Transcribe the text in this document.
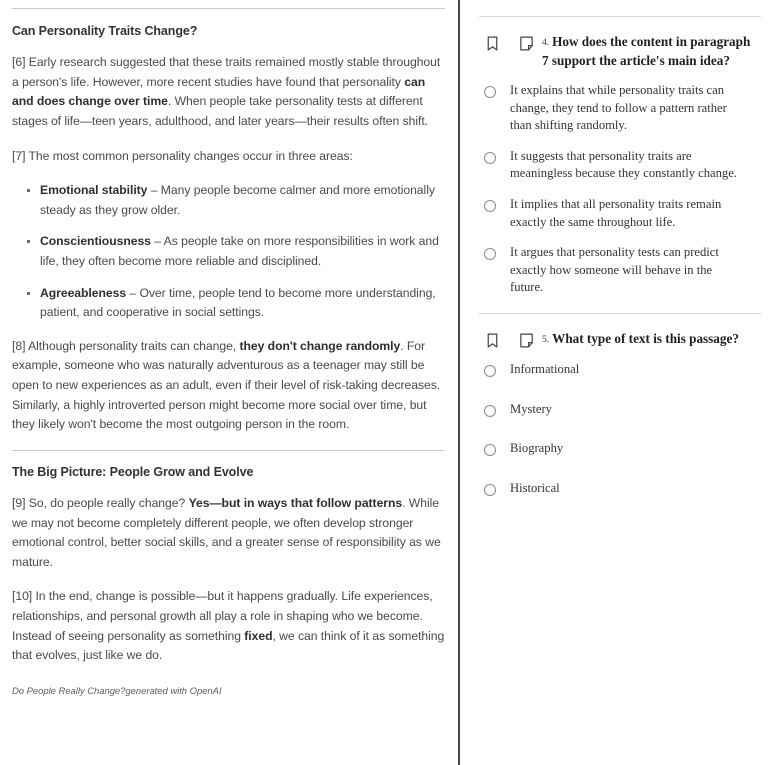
Can Personality Traits Change?
[6] Early research suggested that these traits remained mostly stable throughout a person's life. However, more recent studies have found that personality can and does change over time. When people take personality tests at different stages of life—teen years, adulthood, and later years—their results often shift.
[7] The most common personality changes occur in three areas:
Emotional stability – Many people become calmer and more emotionally steady as they grow older.
Conscientiousness – As people take on more responsibilities in work and life, they often become more reliable and disciplined.
Agreeableness – Over time, people tend to become more understanding, patient, and cooperative in social settings.
[8] Although personality traits can change, they don't change randomly. For example, someone who was naturally adventurous as a teenager may still be open to new experiences as an adult, even if their level of risk-taking decreases. Similarly, a highly introverted person might become more social over time, but they likely won't become the most outgoing person in the room.
The Big Picture: People Grow and Evolve
[9] So, do people really change? Yes—but in ways that follow patterns. While we may not become completely different people, we often develop stronger emotional control, better social skills, and a greater sense of responsibility as we mature.
[10] In the end, change is possible—but it happens gradually. Life experiences, relationships, and personal growth all play a role in shaping who we become. Instead of seeing personality as something fixed, we can think of it as something that evolves, just like we do.
Do People Really Change?generated with OpenAI
4. How does the content in paragraph 7 support the article's main idea?
It explains that while personality traits can change, they tend to follow a pattern rather than shifting randomly.
It suggests that personality traits are meaningless because they constantly change.
It implies that all personality traits remain exactly the same throughout life.
It argues that personality tests can predict exactly how someone will behave in the future.
5. What type of text is this passage?
Informational
Mystery
Biography
Historical
